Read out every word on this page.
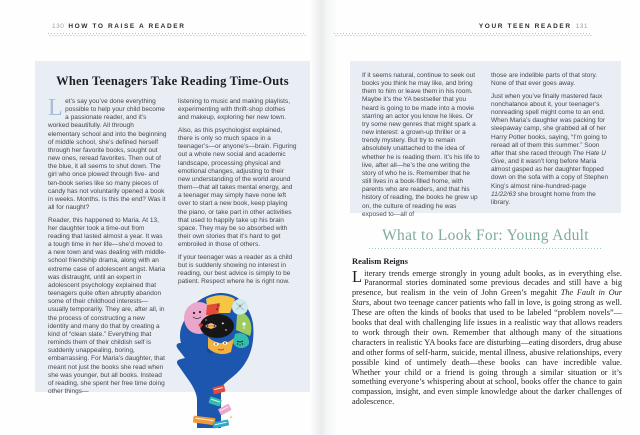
130 HOW TO RAISE A READER	YOUR TEEN READER 131
When Teenagers Take Reading Time-Outs

Let’s say you’ve done everything possible to help your child become a passionate reader, and it’s worked beautifully. All through elementary school and into the beginning of middle school, she’s defined herself through her favorite books, sought out new ones, reread favorites. Then out of the blue, it all seems to shut down. The girl who once plowed through five- and ten-book series like so many pieces of candy has not voluntarily opened a book in weeks. Months. Is this the end? Was it all for naught?

Reader, this happened to Maria. At 13, her daughter took a time-out from reading that lasted almost a year. It was a tough time in her life—she’d moved to a new town and was dealing with middle-school friendship drama, along with an extreme case of adolescent angst. Maria was distraught, until an expert in adolescent psychology explained that teenagers quite often abruptly abandon some of their childhood interests—usually temporarily. They are, after all, in the process of constructing a new identity and many do that by creating a kind of “clean slate.” Everything that reminds them of their childish self is suddenly unappealing, boring, embarrassing. For Maria’s daughter, that meant not just the books she read when she was younger, but all books. Instead of reading, she spent her free time doing other things—

listening to music and making playlists, experimenting with thrift-shop clothes and makeup, exploring her new town.

Also, as this psychologist explained, there is only so much space in a teenager’s—or anyone’s—brain. Figuring out a whole new social and academic landscape, processing physical and emotional changes, adjusting to their new understanding of the world around them—that all takes mental energy, and a teenager may simply have none left over to start a new book, keep playing the piano, or take part in other activities that used to happily take up his brain space. They may be so absorbed with their own stories that it’s hard to get embroiled in those of others.

If your teenager was a reader as a child but is suddenly showing no interest in reading, our best advice is simply to be patient. Respect where he is right now.

♥
♪
✦
✦

If it seems natural, continue to seek out books you think he may like, and bring them to him or leave them in his room. Maybe it’s the YA bestseller that you heard is going to be made into a movie starring an actor you know he likes. Or try some new genres that might spark a new interest: a grown-up thriller or a trendy mystery. But try to remain absolutely unattached to the idea of whether he is reading them. It’s his life to live, after all—he’s the one writing the story of who he is. Remember that he still lives in a book-filled home, with parents who are readers, and that his history of reading, the books he grew up on, the culture of reading he was exposed to—all of

those are indelible parts of that story. None of that ever goes away.

Just when you’ve finally mastered faux nonchalance about it, your teenager’s nonreading spell might come to an end. When Maria’s daughter was packing for sleepaway camp, she grabbed all of her Harry Potter books, saying, “I’m going to reread all of them this summer.” Soon after that she raced through The Hate U Give, and it wasn’t long before Maria almost gasped as her daughter flopped down on the sofa with a copy of Stephen King’s almost nine-hundred-page 11/22/63 she brought home from the library.

What to Look For: Young Adult
Realism Reigns
Literary trends emerge strongly in young adult books, as in everything else. Paranormal stories dominated some previous decades and still have a big presence, but realism in the vein of John Green’s megahit The Fault in Our Stars, about two teenage cancer patients who fall in love, is going strong as well. These are often the kinds of books that used to be labeled “problem novels”—books that deal with challenging life issues in a realistic way that allows readers to work through their own. Remember that although many of the situations characters in realistic YA books face are disturbing—eating disorders, drug abuse and other forms of self-harm, suicide, mental illness, abusive relationships, every possible kind of untimely death—these books can have incredible value. Whether your child or a friend is going through a similar situation or it’s something everyone’s whispering about at school, books offer the chance to gain compassion, insight, and even simple knowledge about the darker challenges of adolescence.
